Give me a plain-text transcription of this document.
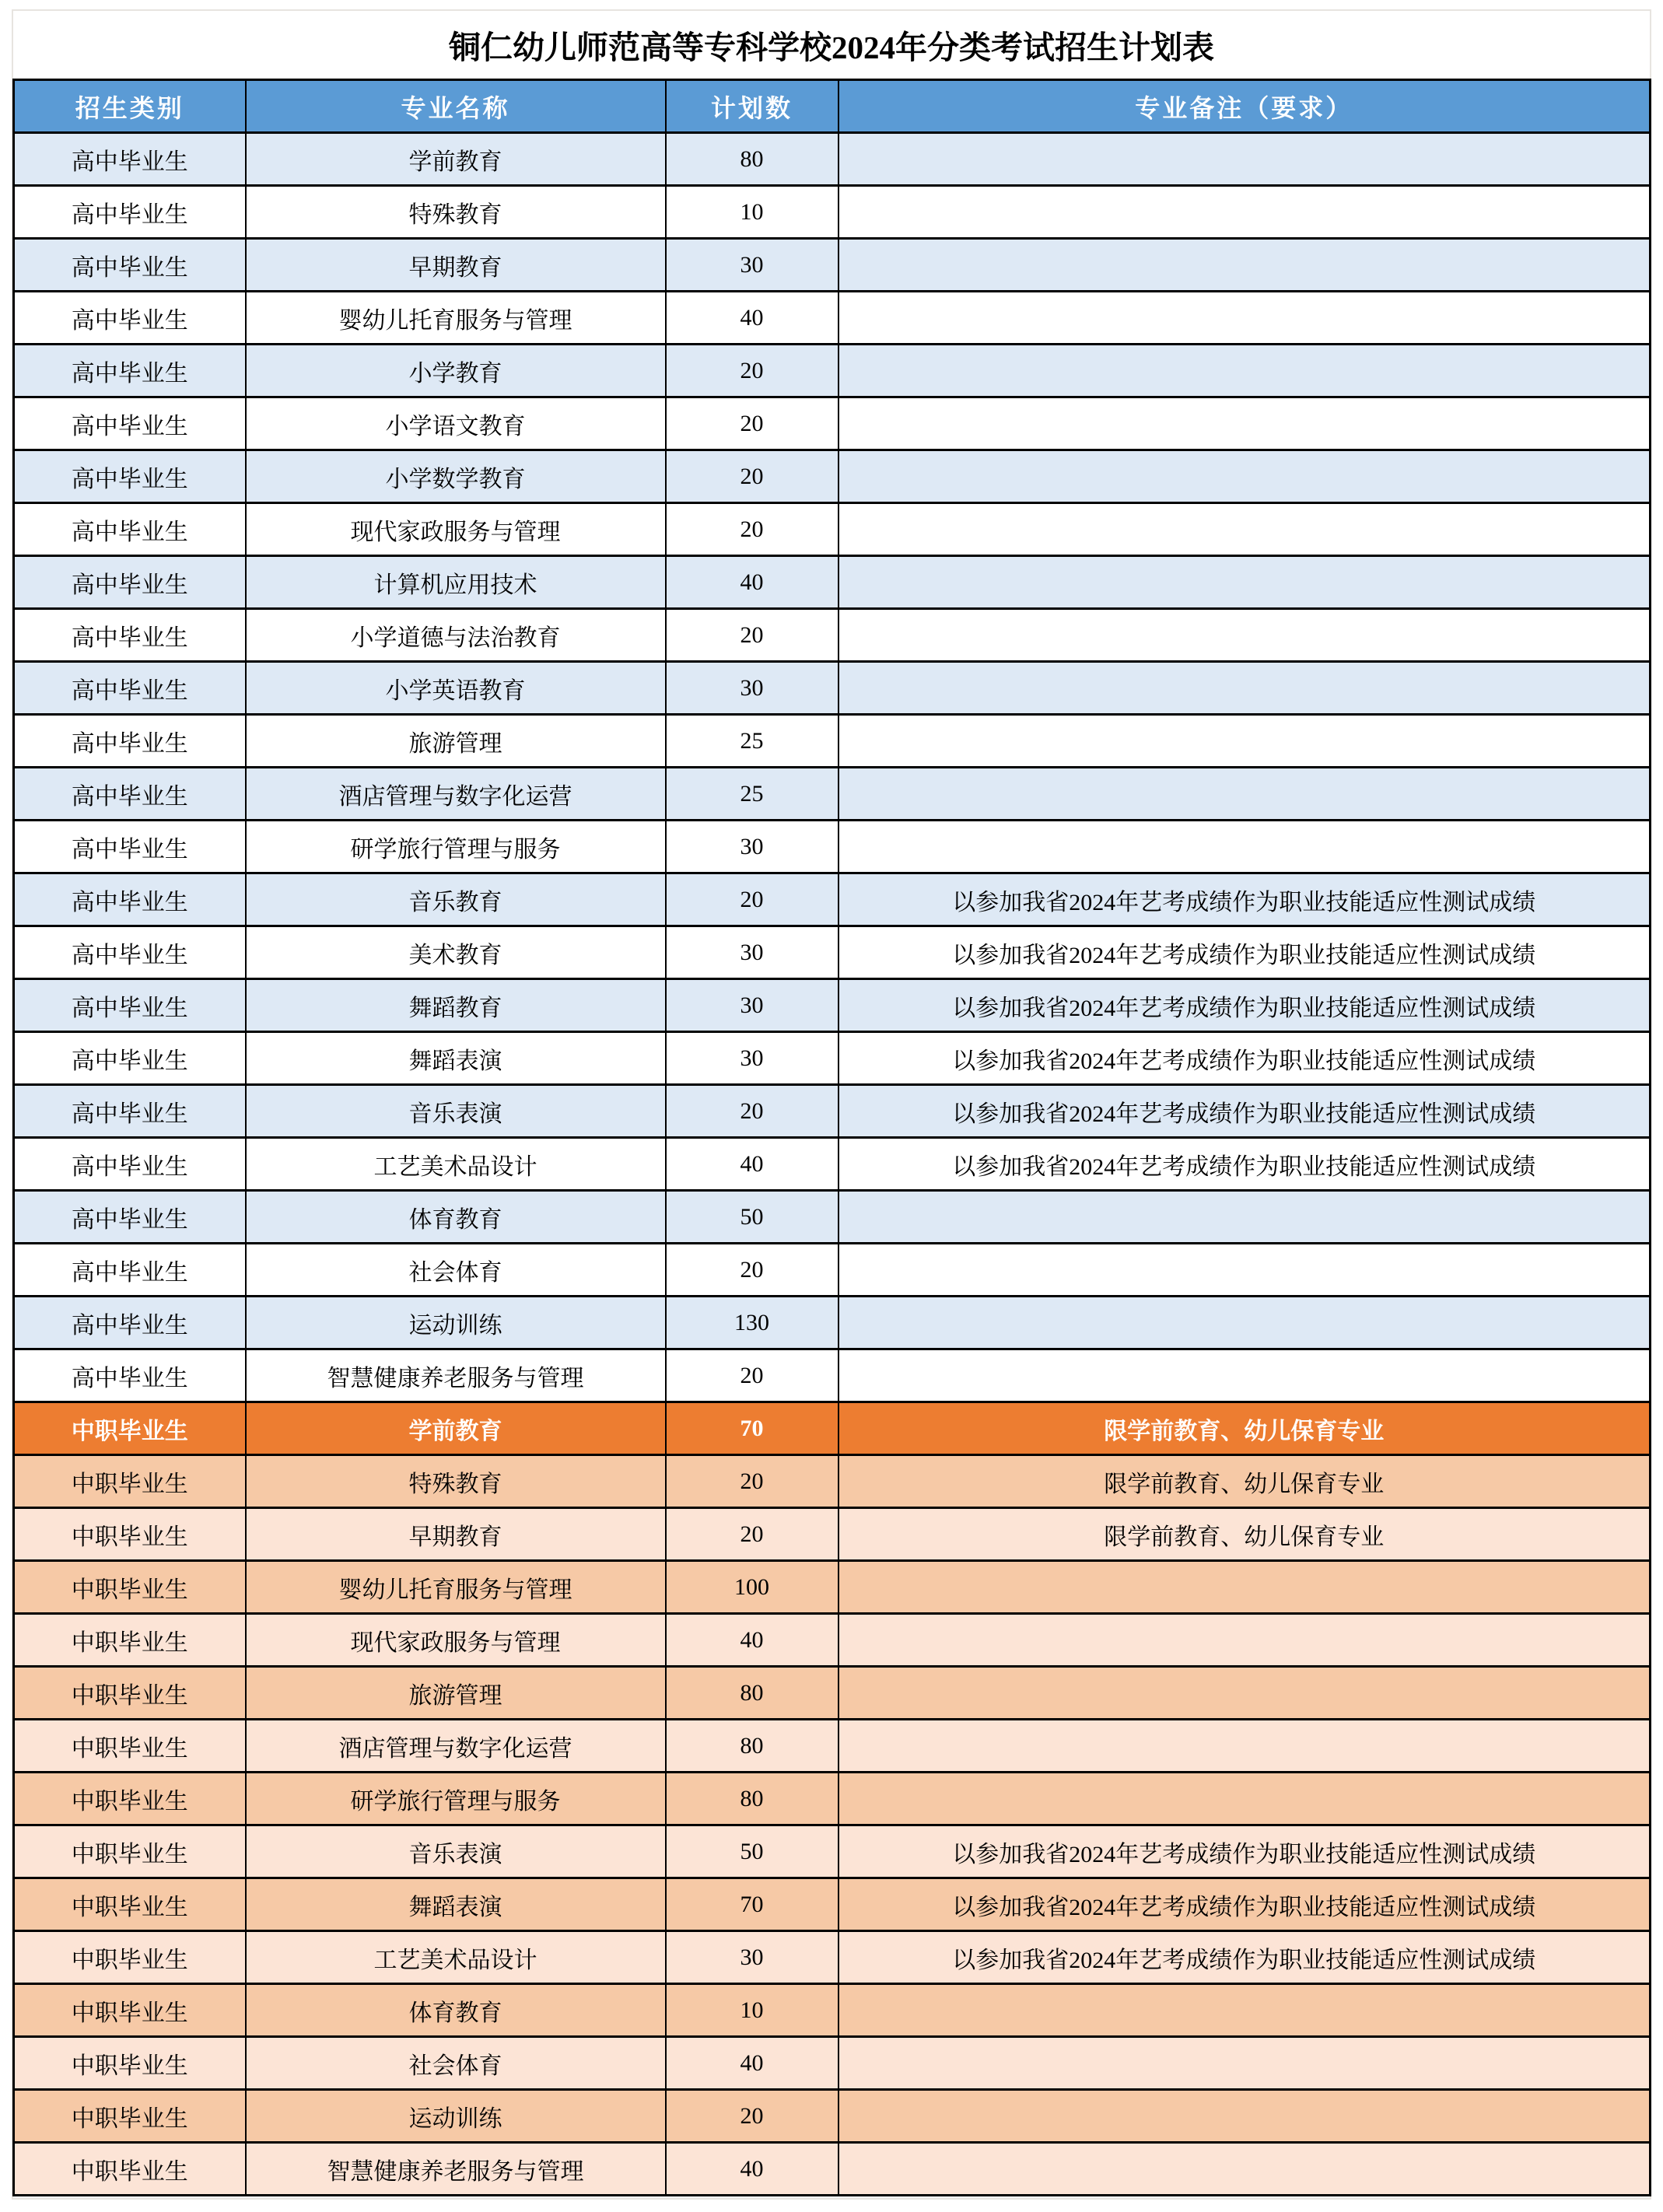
铜仁幼儿师范高等专科学校2024年分类考试招生计划表
招生类别	专业名称	计划数	专业备注（要求）
高中毕业生	学前教育	80	
高中毕业生	特殊教育	10	
高中毕业生	早期教育	30	
高中毕业生	婴幼儿托育服务与管理	40	
高中毕业生	小学教育	20	
高中毕业生	小学语文教育	20	
高中毕业生	小学数学教育	20	
高中毕业生	现代家政服务与管理	20	
高中毕业生	计算机应用技术	40	
高中毕业生	小学道德与法治教育	20	
高中毕业生	小学英语教育	30	
高中毕业生	旅游管理	25	
高中毕业生	酒店管理与数字化运营	25	
高中毕业生	研学旅行管理与服务	30	
高中毕业生	音乐教育	20	以参加我省2024年艺考成绩作为职业技能适应性测试成绩
高中毕业生	美术教育	30	以参加我省2024年艺考成绩作为职业技能适应性测试成绩
高中毕业生	舞蹈教育	30	以参加我省2024年艺考成绩作为职业技能适应性测试成绩
高中毕业生	舞蹈表演	30	以参加我省2024年艺考成绩作为职业技能适应性测试成绩
高中毕业生	音乐表演	20	以参加我省2024年艺考成绩作为职业技能适应性测试成绩
高中毕业生	工艺美术品设计	40	以参加我省2024年艺考成绩作为职业技能适应性测试成绩
高中毕业生	体育教育	50	
高中毕业生	社会体育	20	
高中毕业生	运动训练	130	
高中毕业生	智慧健康养老服务与管理	20	
中职毕业生	学前教育	70	限学前教育、幼儿保育专业
中职毕业生	特殊教育	20	限学前教育、幼儿保育专业
中职毕业生	早期教育	20	限学前教育、幼儿保育专业
中职毕业生	婴幼儿托育服务与管理	100	
中职毕业生	现代家政服务与管理	40	
中职毕业生	旅游管理	80	
中职毕业生	酒店管理与数字化运营	80	
中职毕业生	研学旅行管理与服务	80	
中职毕业生	音乐表演	50	以参加我省2024年艺考成绩作为职业技能适应性测试成绩
中职毕业生	舞蹈表演	70	以参加我省2024年艺考成绩作为职业技能适应性测试成绩
中职毕业生	工艺美术品设计	30	以参加我省2024年艺考成绩作为职业技能适应性测试成绩
中职毕业生	体育教育	10	
中职毕业生	社会体育	40	
中职毕业生	运动训练	20	
中职毕业生	智慧健康养老服务与管理	40	
